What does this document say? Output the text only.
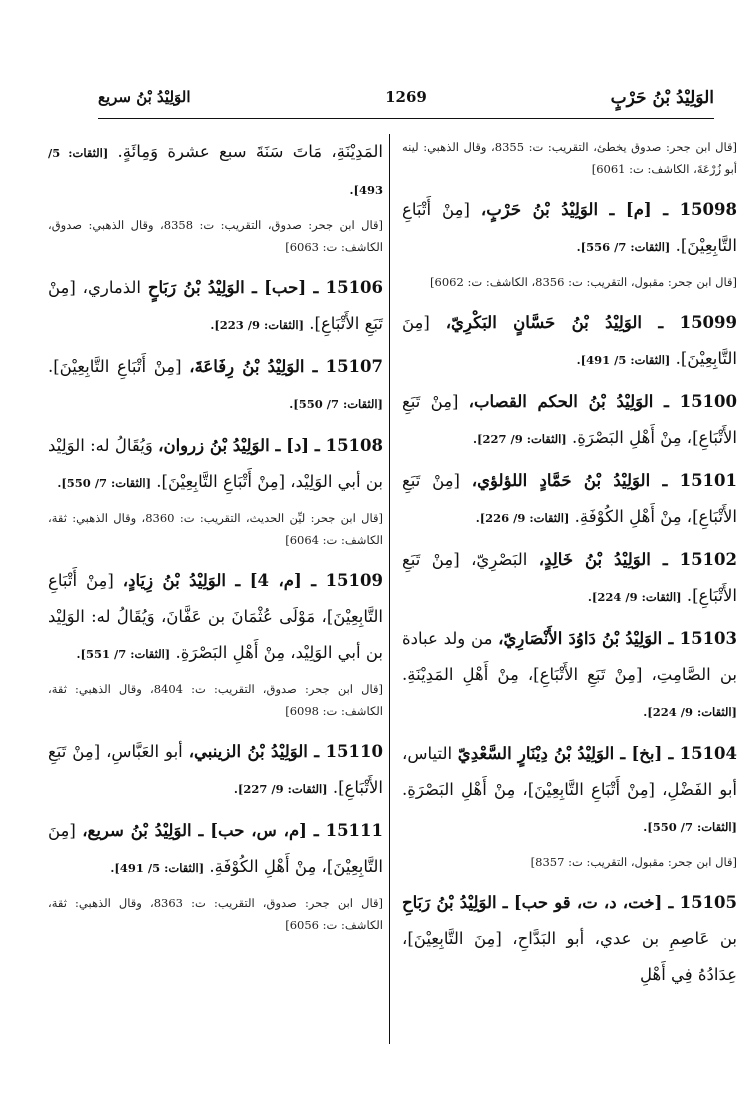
الوَلِيْدُ بْنُ حَرْبٍ
1269
الوَلِيْدُ بْنُ سريع
[قال ابن جحر: صدوق يخطئ، التقريب: ت: 8355، وقال الذهبي: لينه أبو زُرْعَةَ، الكاشف: ت: 6061]
15098 ـ [م] ـ الوَلِيْدُ بْنُ حَرْبٍ، [مِنْ أَتْبَاعِ التَّابِعِيْنَ]. [الثقات: 7/ 556].
[قال ابن جحر: مقبول، التقريب: ت: 8356، الكاشف: ت: 6062]
15099 ـ الوَلِيْدُ بْنُ حَسَّانٍ البَكْرِيّ، [مِنَ التَّابِعِيْنَ]. [الثقات: 5/ 491].
15100 ـ الوَلِيْدُ بْنُ الحكم القصاب، [مِنْ تَبَعِ الأَتْبَاعِ]، مِنْ أَهْلِ البَصْرَةِ. [الثقات: 9/ 227].
15101 ـ الوَلِيْدُ بْنُ حَمَّادٍ اللؤلؤي، [مِنْ تَبَعِ الأَتْبَاعِ]، مِنْ أَهْلِ الكُوْفَةِ. [الثقات: 9/ 226].
15102 ـ الوَلِيْدُ بْنُ خَالِدٍ، البَصْرِيّ، [مِنْ تَبَعِ الأَتْبَاعِ]. [الثقات: 9/ 224].
15103 ـ الوَلِيْدُ بْنُ دَاوُدَ الأَنْصَارِيّ، من ولد عبادة بن الصَّامِتِ، [مِنْ تَبَعِ الأَتْبَاعِ]، مِنْ أَهْلِ المَدِيْنَةِ. [الثقات: 9/ 224].
15104 ـ [بخ] ـ الوَلِيْدُ بْنُ دِيْنَارٍ السَّعْدِيّ التياس، أبو الفَضْلِ، [مِنْ أَتْبَاعِ التَّابِعِيْنَ]، مِنْ أَهْلِ البَصْرَةِ. [الثقات: 7/ 550].
[قال ابن جحر: مقبول، التقريب: ت: 8357]
15105 ـ [خت، د، ت، قو حب] ـ الوَلِيْدُ بْنُ رَبَاحِ بن عَاصِمِ بن عدي، أبو البَدَّاحِ، [مِنَ التَّابِعِيْنَ]، عِدَادُهُ فِي أَهْلِ
المَدِيْنَةِ، مَاتَ سَنَةَ سبع عشرة وَمِائَةٍ. [الثقات: 5/ 493].
[قال ابن جحر: صدوق، التقريب: ت: 8358، وقال الذهبي: صدوق، الكاشف: ت: 6063]
15106 ـ [حب] ـ الوَلِيْدُ بْنُ رَبَاحٍ الذماري، [مِنْ تَبَعِ الأَتْبَاعِ]. [الثقات: 9/ 223].
15107 ـ الوَلِيْدُ بْنُ رِفَاعَةَ، [مِنْ أَتْبَاعِ التَّابِعِيْنَ]. [الثقات: 7/ 550].
15108 ـ [د] ـ الوَلِيْدُ بْنُ زروان، وَيُقَالُ له: الوَلِيْد بن أبي الوَلِيْد، [مِنْ أَتْبَاعِ التَّابِعِيْنَ]. [الثقات: 7/ 550].
[قال ابن جحر: ليِّن الحديث، التقريب: ت: 8360، وقال الذهبي: ثقة، الكاشف: ت: 6064]
15109 ـ [م، 4] ـ الوَلِيْدُ بْنُ زِيَادٍ، [مِنْ أَتْبَاعِ التَّابِعِيْنَ]، مَوْلَى عُثْمَانَ بن عَفَّانَ، وَيُقَالُ له: الوَلِيْد بن أبي الوَلِيْد، مِنْ أَهْلِ البَصْرَةِ. [الثقات: 7/ 551].
[قال ابن جحر: صدوق، التقريب: ت: 8404، وقال الذهبي: ثقة، الكاشف: ت: 6098]
15110 ـ الوَلِيْدُ بْنُ الزينبي، أبو العَبَّاسِ، [مِنْ تَبَعِ الأَتْبَاعِ]. [الثقات: 9/ 227].
15111 ـ [م، س، حب] ـ الوَلِيْدُ بْنُ سريع، [مِنَ التَّابِعِيْنَ]، مِنْ أَهْلِ الكُوْفَةِ. [الثقات: 5/ 491].
[قال ابن جحر: صدوق، التقريب: ت: 8363، وقال الذهبي: ثقة، الكاشف: ت: 6056]
